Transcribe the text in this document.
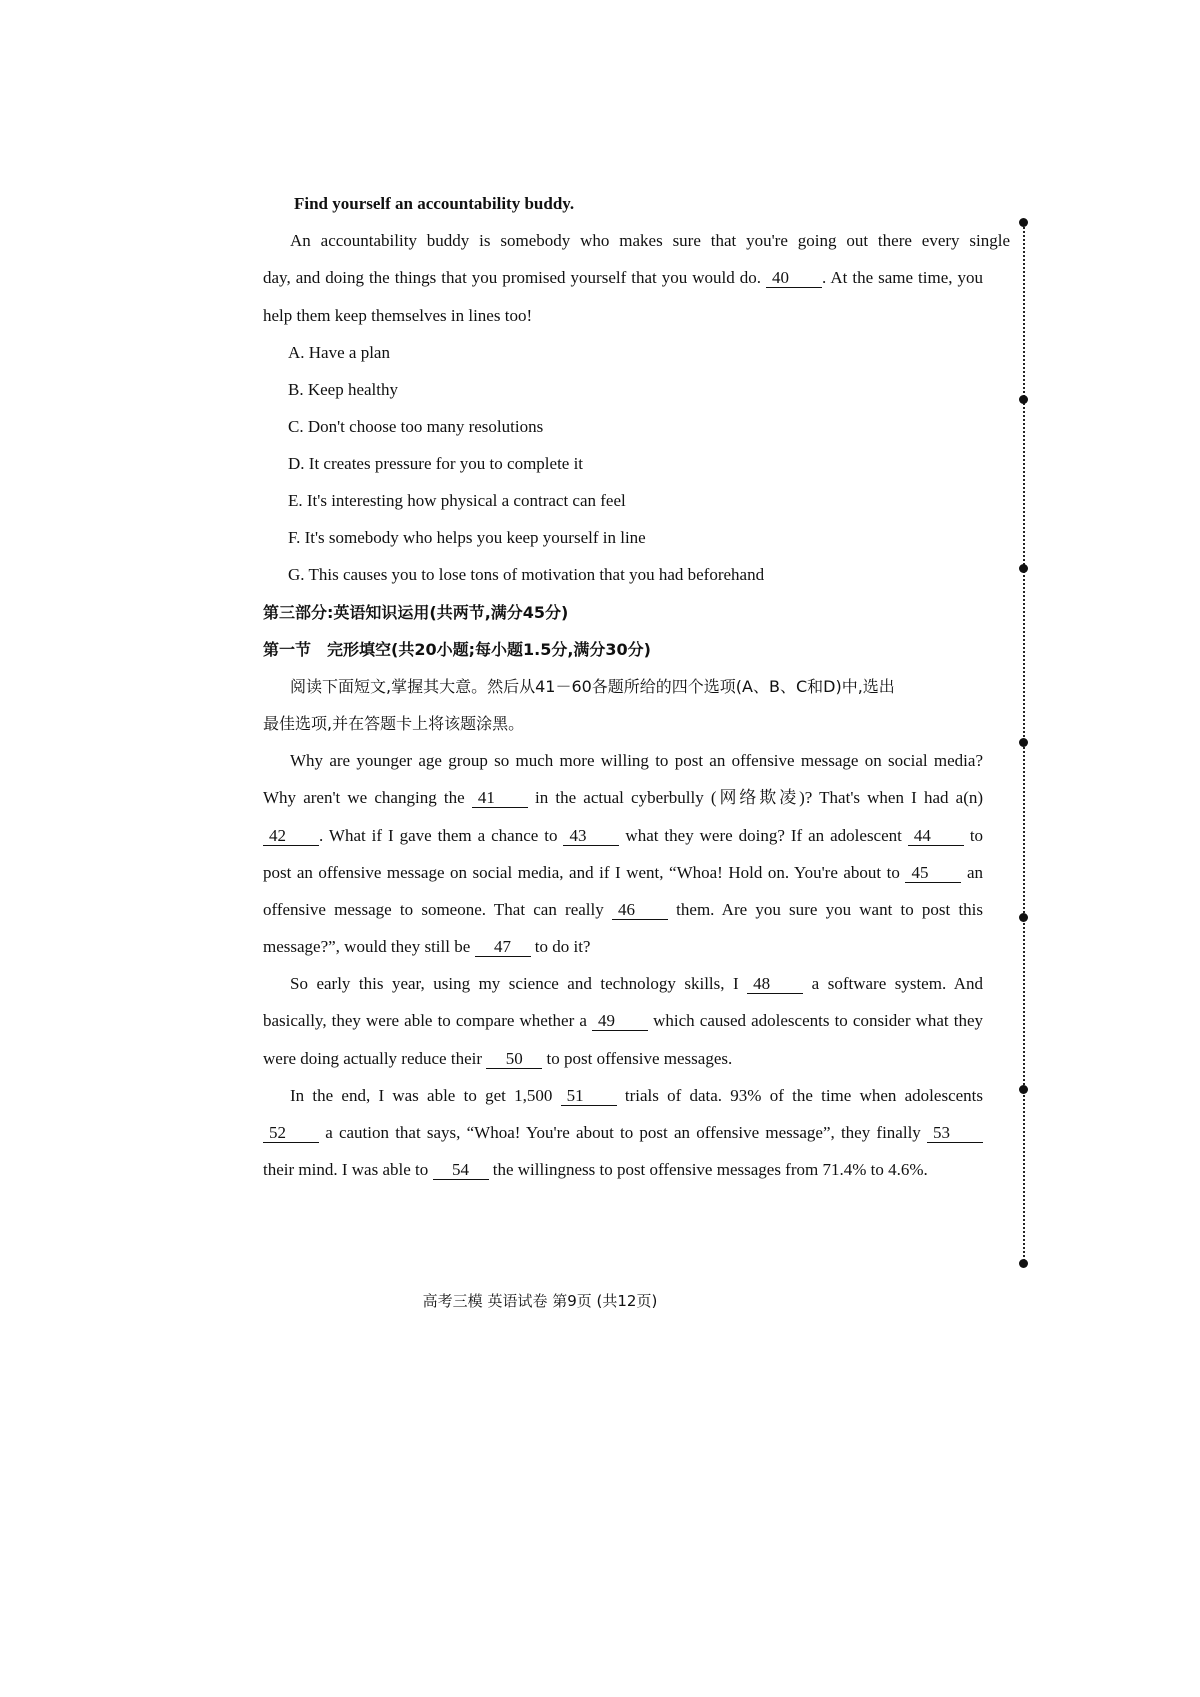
Find yourself an accountability buddy.
An accountability buddy is somebody who makes sure that you're going out there every single
day, and doing the things that you promised yourself that you would do. 40 . At the same time, you
help them keep themselves in lines too!
A. Have a plan
B. Keep healthy
C. Don't choose too many resolutions
D. It creates pressure for you to complete it
E. It's interesting how physical a contract can feel
F. It's somebody who helps you keep yourself in line
G. This causes you to lose tons of motivation that you had beforehand
第三部分:英语知识运用(共两节,满分45分)
第一节　完形填空(共20小题;每小题1.5分,满分30分)
阅读下面短文,掌握其大意。然后从41－60各题所给的四个选项(A、B、C和D)中,选出
最佳选项,并在答题卡上将该题涂黑。
Why are younger age group so much more willing to post an offensive message on social media?
Why aren't we changing the 41 in the actual cyberbully (网络欺凌)? That's when I had a(n)
42 . What if I gave them a chance to 43 what they were doing? If an adolescent 44 to
post an offensive message on social media, and if I went, “Whoa! Hold on. You're about to 45 an
offensive message to someone. That can really 46 them. Are you sure you want to post this
message?”, would they still be 47 to do it?
So early this year, using my science and technology skills, I 48 a software system. And
basically, they were able to compare whether a 49 which caused adolescents to consider what they
were doing actually reduce their 50 to post offensive messages.
In the end, I was able to get 1,500 51 trials of data. 93% of the time when adolescents
52 a caution that says, “Whoa! You're about to post an offensive message”, they finally 53
their mind. I was able to 54 the willingness to post offensive messages from 71.4% to 4.6%.
高考三模 英语试卷 第9页 (共12页)
